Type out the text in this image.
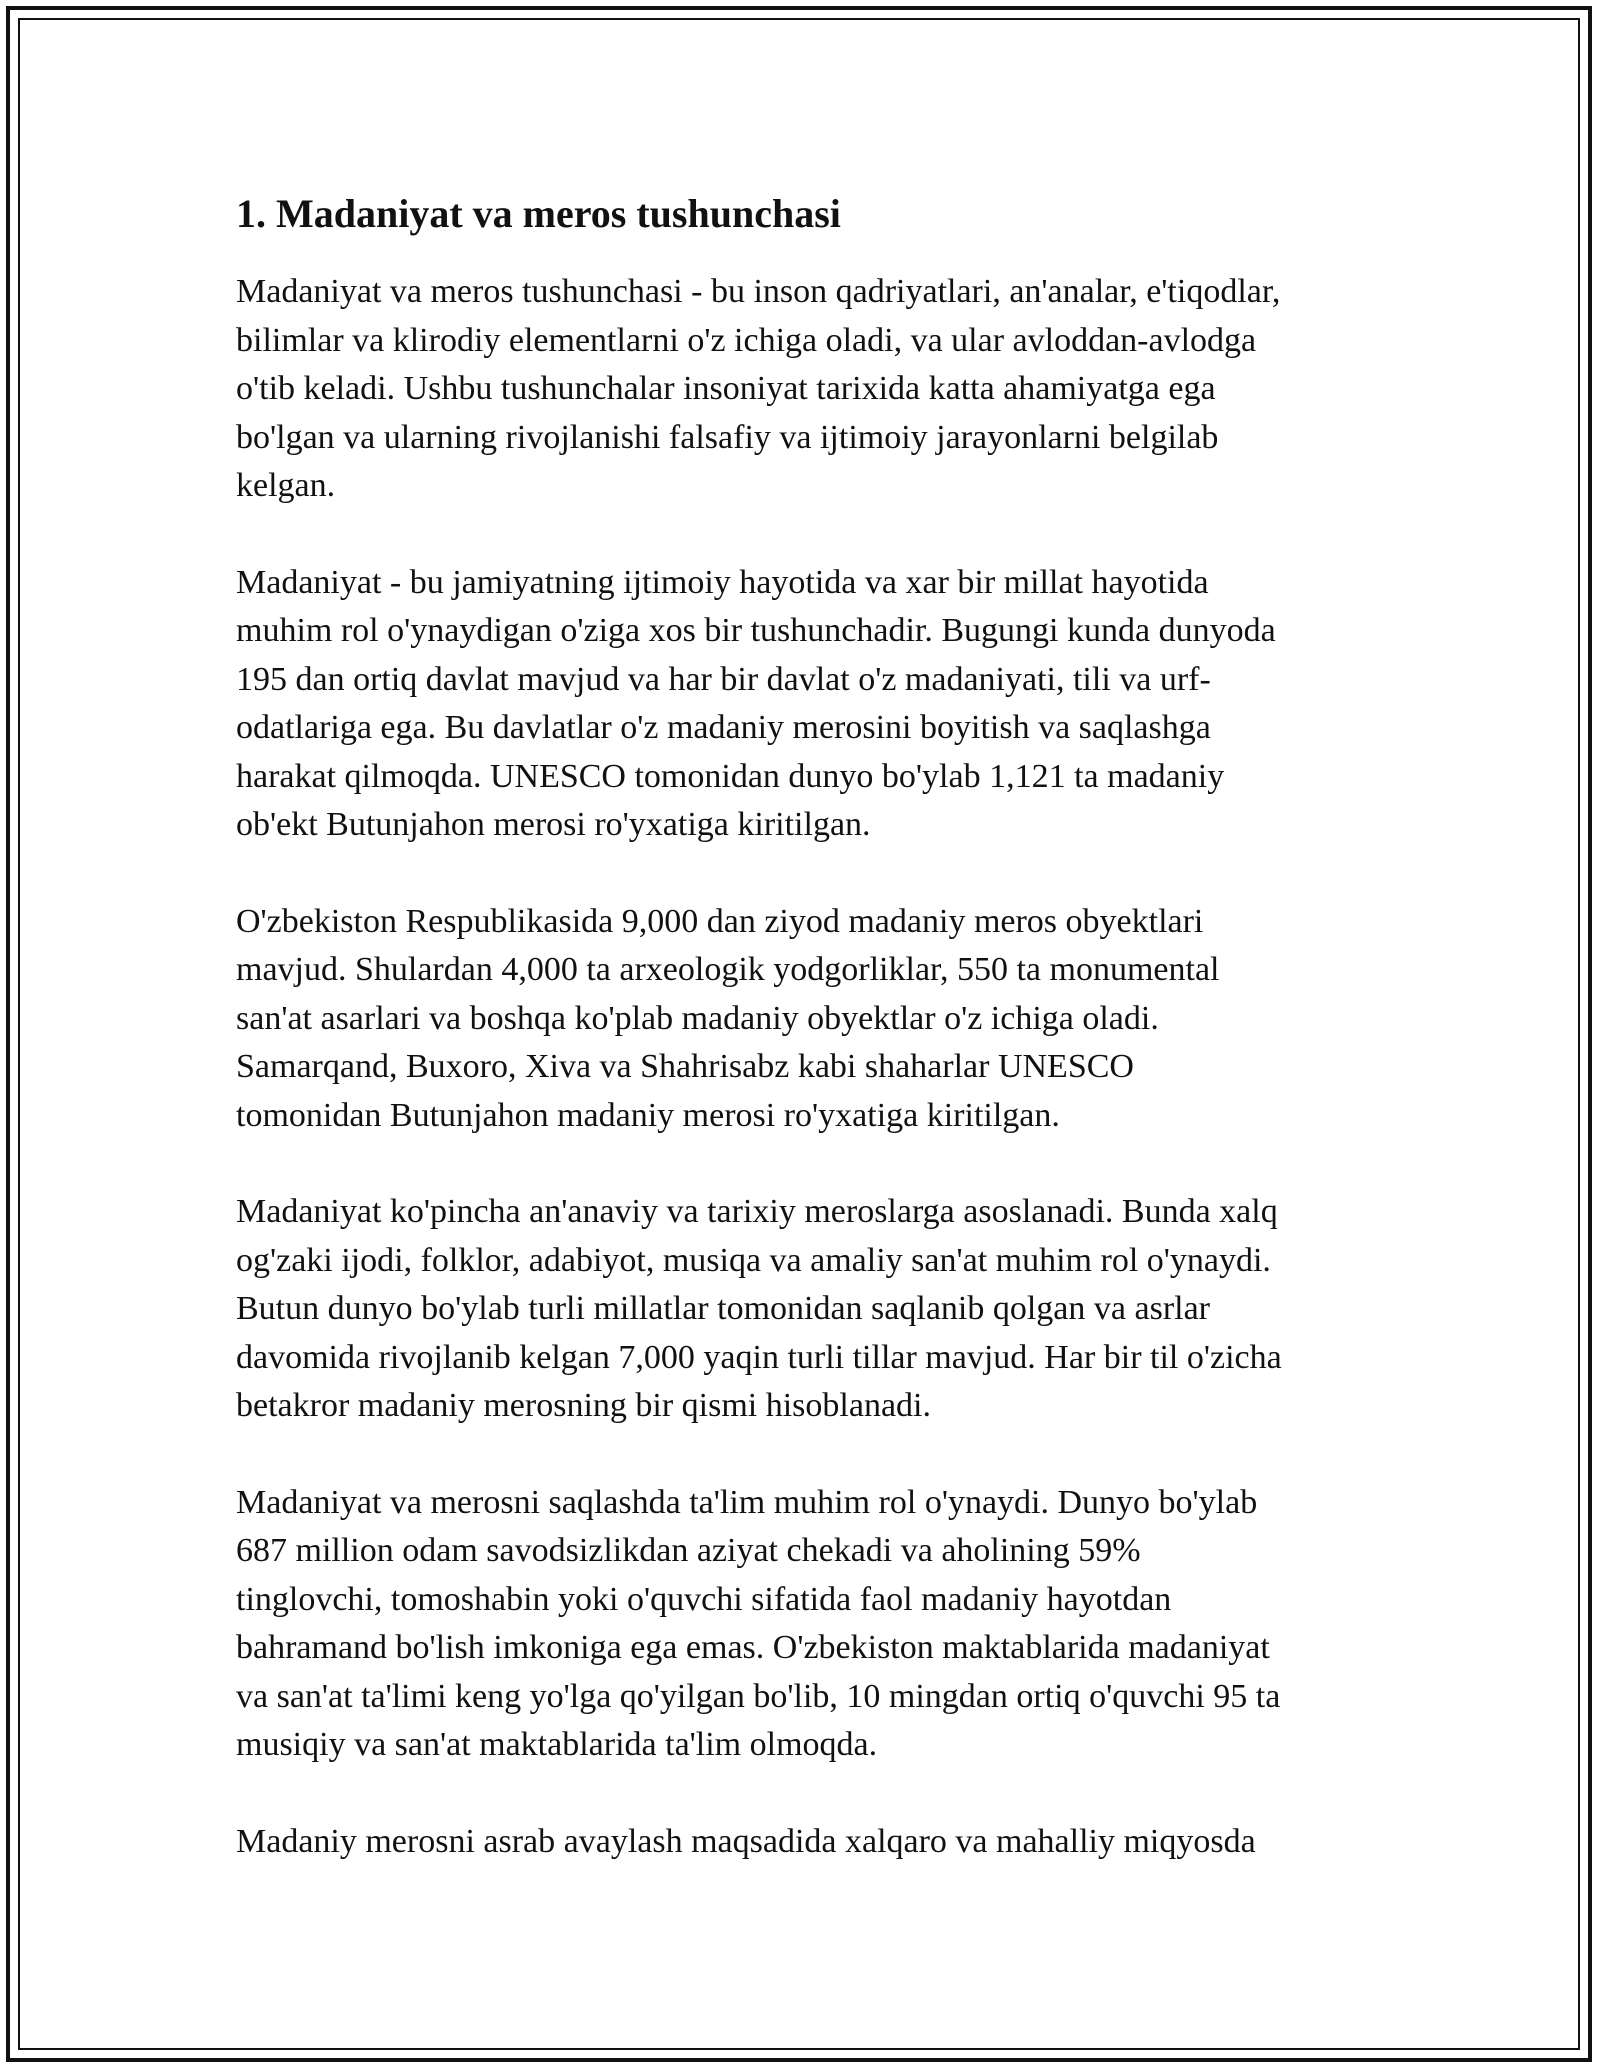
1. Madaniyat va meros tushunchasi

Madaniyat va meros tushunchasi - bu inson qadriyatlari, an'analar, e'tiqodlar,
bilimlar va klirodiy elementlarni o'z ichiga oladi, va ular avloddan-avlodga
o'tib keladi. Ushbu tushunchalar insoniyat tarixida katta ahamiyatga ega
bo'lgan va ularning rivojlanishi falsafiy va ijtimoiy jarayonlarni belgilab
kelgan.

Madaniyat - bu jamiyatning ijtimoiy hayotida va xar bir millat hayotida
muhim rol o'ynaydigan o'ziga xos bir tushunchadir. Bugungi kunda dunyoda
195 dan ortiq davlat mavjud va har bir davlat o'z madaniyati, tili va urf-
odatlariga ega. Bu davlatlar o'z madaniy merosini boyitish va saqlashga
harakat qilmoqda. UNESCO tomonidan dunyo bo'ylab 1,121 ta madaniy
ob'ekt Butunjahon merosi ro'yxatiga kiritilgan.

O'zbekiston Respublikasida 9,000 dan ziyod madaniy meros obyektlari
mavjud. Shulardan 4,000 ta arxeologik yodgorliklar, 550 ta monumental
san'at asarlari va boshqa ko'plab madaniy obyektlar o'z ichiga oladi.
Samarqand, Buxoro, Xiva va Shahrisabz kabi shaharlar UNESCO
tomonidan Butunjahon madaniy merosi ro'yxatiga kiritilgan.

Madaniyat ko'pincha an'anaviy va tarixiy meroslarga asoslanadi. Bunda xalq
og'zaki ijodi, folklor, adabiyot, musiqa va amaliy san'at muhim rol o'ynaydi.
Butun dunyo bo'ylab turli millatlar tomonidan saqlanib qolgan va asrlar
davomida rivojlanib kelgan 7,000 yaqin turli tillar mavjud. Har bir til o'zicha
betakror madaniy merosning bir qismi hisoblanadi.

Madaniyat va merosni saqlashda ta'lim muhim rol o'ynaydi. Dunyo bo'ylab
687 million odam savodsizlikdan aziyat chekadi va aholining 59%
tinglovchi, tomoshabin yoki o'quvchi sifatida faol madaniy hayotdan
bahramand bo'lish imkoniga ega emas. O'zbekiston maktablarida madaniyat
va san'at ta'limi keng yo'lga qo'yilgan bo'lib, 10 mingdan ortiq o'quvchi 95 ta
musiqiy va san'at maktablarida ta'lim olmoqda.

Madaniy merosni asrab avaylash maqsadida xalqaro va mahalliy miqyosda
